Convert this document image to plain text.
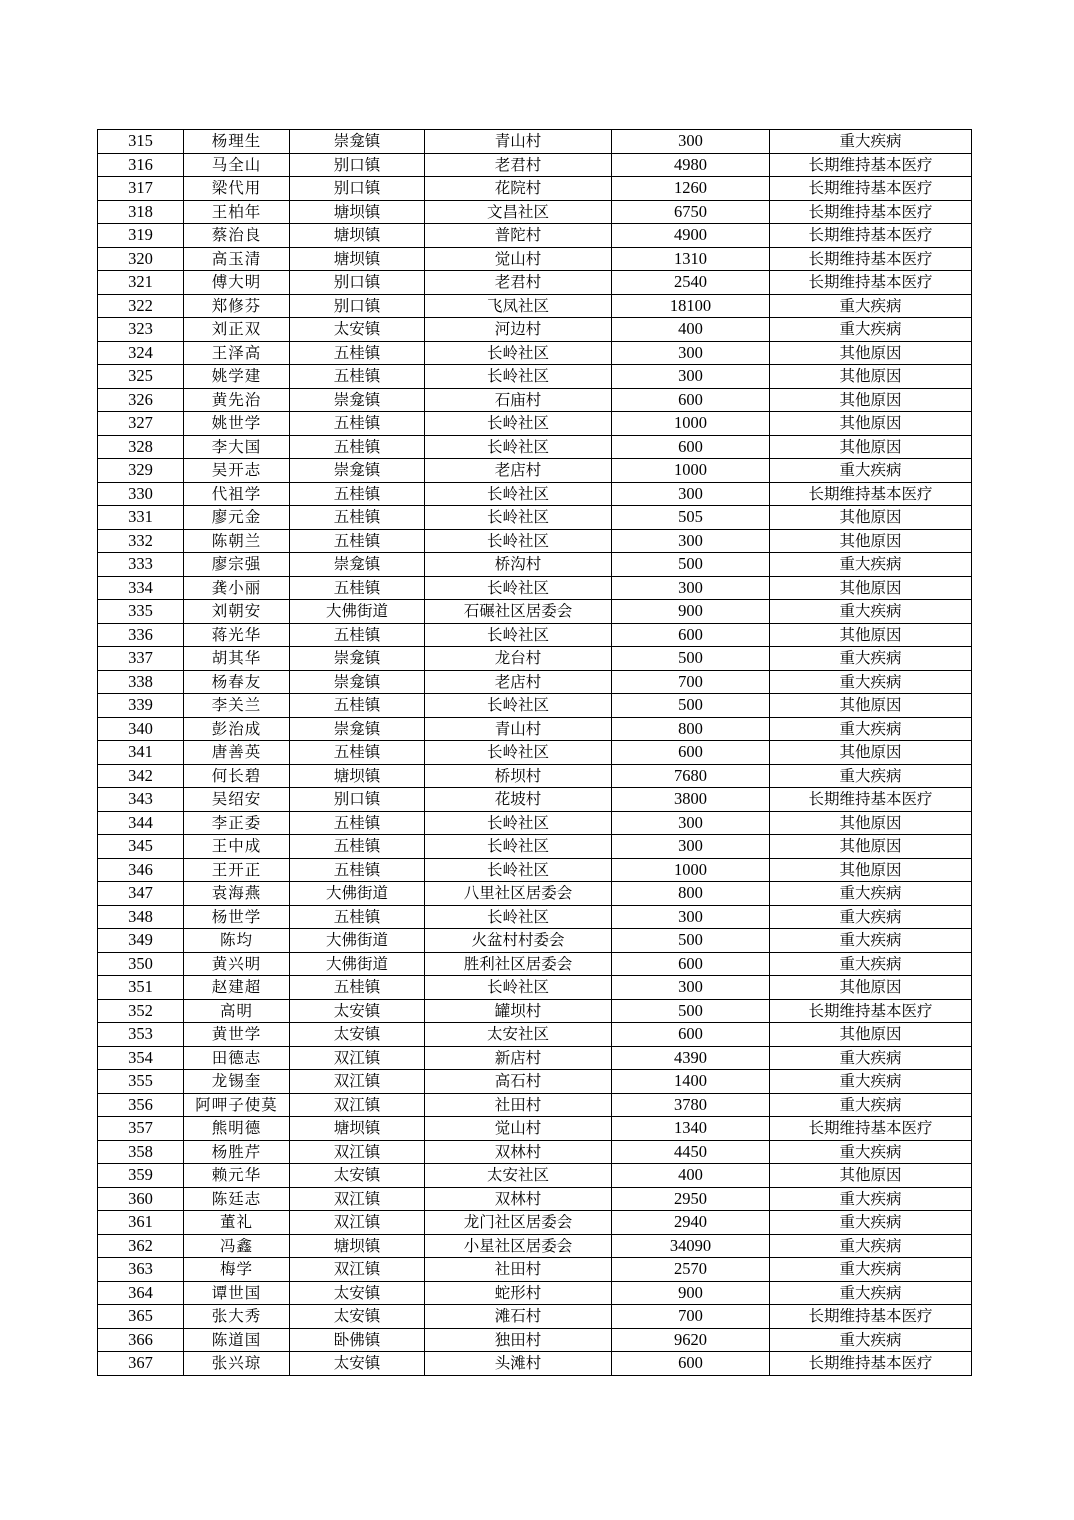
315	杨理生	崇龛镇	青山村	300	重大疾病
316	马全山	别口镇	老君村	4980	长期维持基本医疗
317	梁代用	别口镇	花院村	1260	长期维持基本医疗
318	王柏年	塘坝镇	文昌社区	6750	长期维持基本医疗
319	蔡治良	塘坝镇	普陀村	4900	长期维持基本医疗
320	高玉清	塘坝镇	觉山村	1310	长期维持基本医疗
321	傅大明	别口镇	老君村	2540	长期维持基本医疗
322	郑修芬	别口镇	飞凤社区	18100	重大疾病
323	刘正双	太安镇	河边村	400	重大疾病
324	王泽高	五桂镇	长岭社区	300	其他原因
325	姚学建	五桂镇	长岭社区	300	其他原因
326	黄先治	崇龛镇	石庙村	600	其他原因
327	姚世学	五桂镇	长岭社区	1000	其他原因
328	李大国	五桂镇	长岭社区	600	其他原因
329	吴开志	崇龛镇	老店村	1000	重大疾病
330	代祖学	五桂镇	长岭社区	300	长期维持基本医疗
331	廖元金	五桂镇	长岭社区	505	其他原因
332	陈朝兰	五桂镇	长岭社区	300	其他原因
333	廖宗强	崇龛镇	桥沟村	500	重大疾病
334	龚小丽	五桂镇	长岭社区	300	其他原因
335	刘朝安	大佛街道	石碾社区居委会	900	重大疾病
336	蒋光华	五桂镇	长岭社区	600	其他原因
337	胡其华	崇龛镇	龙台村	500	重大疾病
338	杨春友	崇龛镇	老店村	700	重大疾病
339	李关兰	五桂镇	长岭社区	500	其他原因
340	彭治成	崇龛镇	青山村	800	重大疾病
341	唐善英	五桂镇	长岭社区	600	其他原因
342	何长碧	塘坝镇	桥坝村	7680	重大疾病
343	吴绍安	别口镇	花坡村	3800	长期维持基本医疗
344	李正委	五桂镇	长岭社区	300	其他原因
345	王中成	五桂镇	长岭社区	300	其他原因
346	王开正	五桂镇	长岭社区	1000	其他原因
347	袁海燕	大佛街道	八里社区居委会	800	重大疾病
348	杨世学	五桂镇	长岭社区	300	重大疾病
349	陈均	大佛街道	火盆村村委会	500	重大疾病
350	黄兴明	大佛街道	胜利社区居委会	600	重大疾病
351	赵建超	五桂镇	长岭社区	300	其他原因
352	高明	太安镇	罐坝村	500	长期维持基本医疗
353	黄世学	太安镇	太安社区	600	其他原因
354	田德志	双江镇	新店村	4390	重大疾病
355	龙锡奎	双江镇	高石村	1400	重大疾病
356	阿呷子使莫	双江镇	社田村	3780	重大疾病
357	熊明德	塘坝镇	觉山村	1340	长期维持基本医疗
358	杨胜芹	双江镇	双林村	4450	重大疾病
359	赖元华	太安镇	太安社区	400	其他原因
360	陈廷志	双江镇	双林村	2950	重大疾病
361	董礼	双江镇	龙门社区居委会	2940	重大疾病
362	冯鑫	塘坝镇	小星社区居委会	34090	重大疾病
363	梅学	双江镇	社田村	2570	重大疾病
364	谭世国	太安镇	蛇形村	900	重大疾病
365	张大秀	太安镇	滩石村	700	长期维持基本医疗
366	陈道国	卧佛镇	独田村	9620	重大疾病
367	张兴琼	太安镇	头滩村	600	长期维持基本医疗
